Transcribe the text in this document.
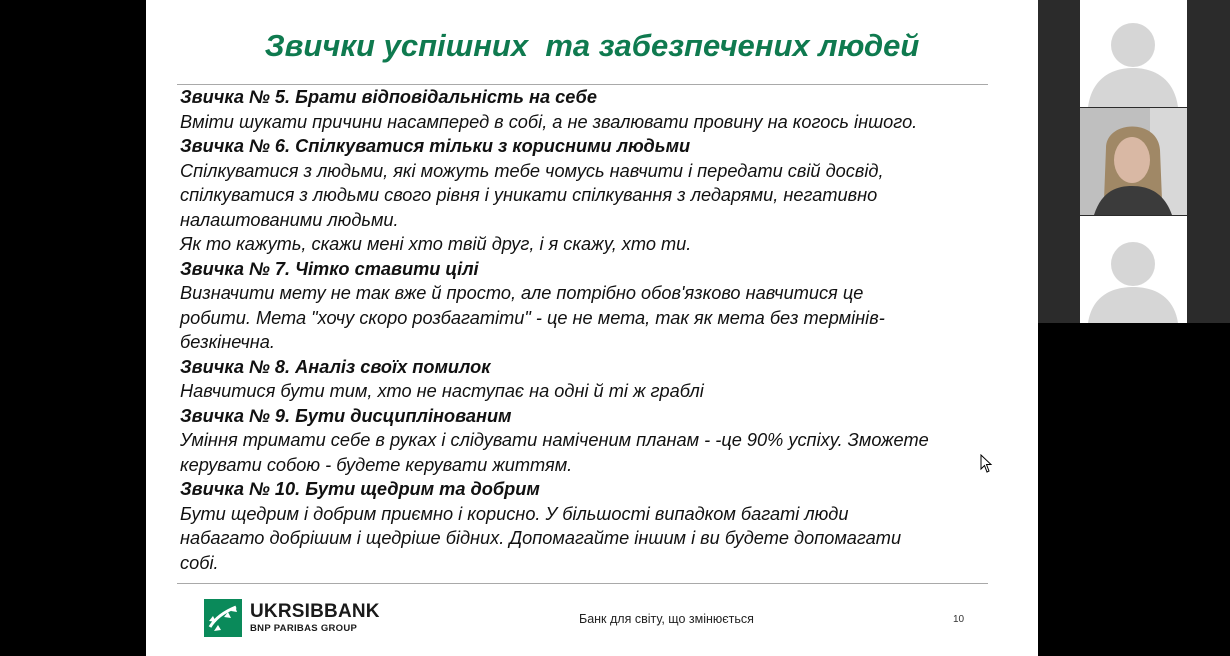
Звички успішних  та забезпечених людей
Звичка № 5. Брати відповідальність на себе
Вміти шукати причини насамперед в собі, а не звалювати провину на когось іншого.
Звичка № 6. Спілкуватися тільки з корисними людьми
Спілкуватися з людьми, які можуть тебе чомусь навчити і передати свій досвід,
спілкуватися з людьми свого рівня і уникати спілкування з ледарями, негативно
налаштованими людьми.
Як то кажуть, скажи мені хто твій друг, і я скажу, хто ти.
Звичка № 7. Чітко ставити цілі
Визначити мету не так вже й просто, але потрібно обов'язково навчитися це
робити. Мета "хочу скоро розбагатіти" - це не мета, так як мета без термінів-
безкінечна.
Звичка № 8. Аналіз своїх помилок
Навчитися бути тим, хто не наступає на одні й ті ж граблі
Звичка № 9. Бути дисциплінованим
Уміння тримати себе в руках і слідувати наміченим планам - -це 90% успіху. Зможете
керувати собою - будете керувати життям.
Звичка № 10. Бути щедрим та добрим
Бути щедрим і добрим приємно і корисно. У більшості випадком багаті люди
набагато добрішим і щедріше бідних. Допомагайте іншим і ви будете допомагати
собі.
UKRSIBBANK
BNP PARIBAS GROUP
Банк для світу, що змінюється	10
